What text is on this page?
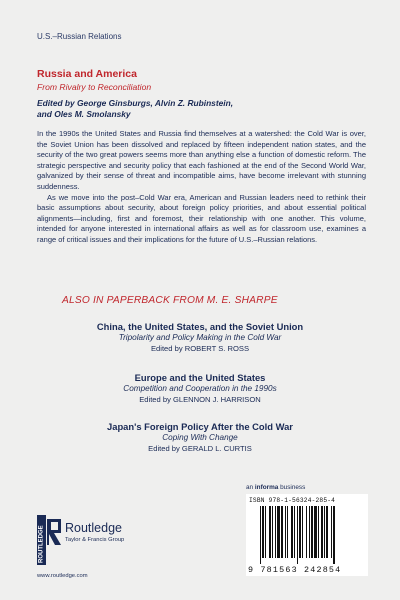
U.S.–Russian Relations
Russia and America
From Rivalry to Reconciliation
Edited by George Ginsburgs, Alvin Z. Rubinstein,
and Oles M. Smolansky

In the 1990s the United States and Russia find themselves at a watershed: the Cold War is over, the Soviet Union has been dissolved and replaced by fifteen independent nation states, and the security of the two great powers seems more than anything else a function of domestic reform. The strategic perspective and security policy that each fashioned at the end of the Second World War, galvanized by their sense of threat and incompatible aims, have become irrelevant with stunning suddenness.

As we move into the post–Cold War era, American and Russian leaders need to rethink their basic assumptions about security, about foreign policy priorities, and about essential political alignments—including, first and foremost, their relationship with one another. This volume, intended for anyone interested in international affairs as well as for classroom use, examines a range of critical issues and their implications for the future of U.S.–Russian relations.

ALSO IN PAPERBACK FROM M. E. SHARPE
China, the United States, and the Soviet Union
Tripolarity and Policy Making in the Cold War
Edited by ROBERT S. ROSS
Europe and the United States
Competition and Cooperation in the 1990s
Edited by GLENNON J. HARRISON
Japan's Foreign Policy After the Cold War
Coping With Change
Edited by GERALD L. CURTIS
ROUTLEDGE Routledge
Taylor & Francis Group
www.routledge.com
an informa business
ISBN 978-1-56324-285-4
9 781563 242854
